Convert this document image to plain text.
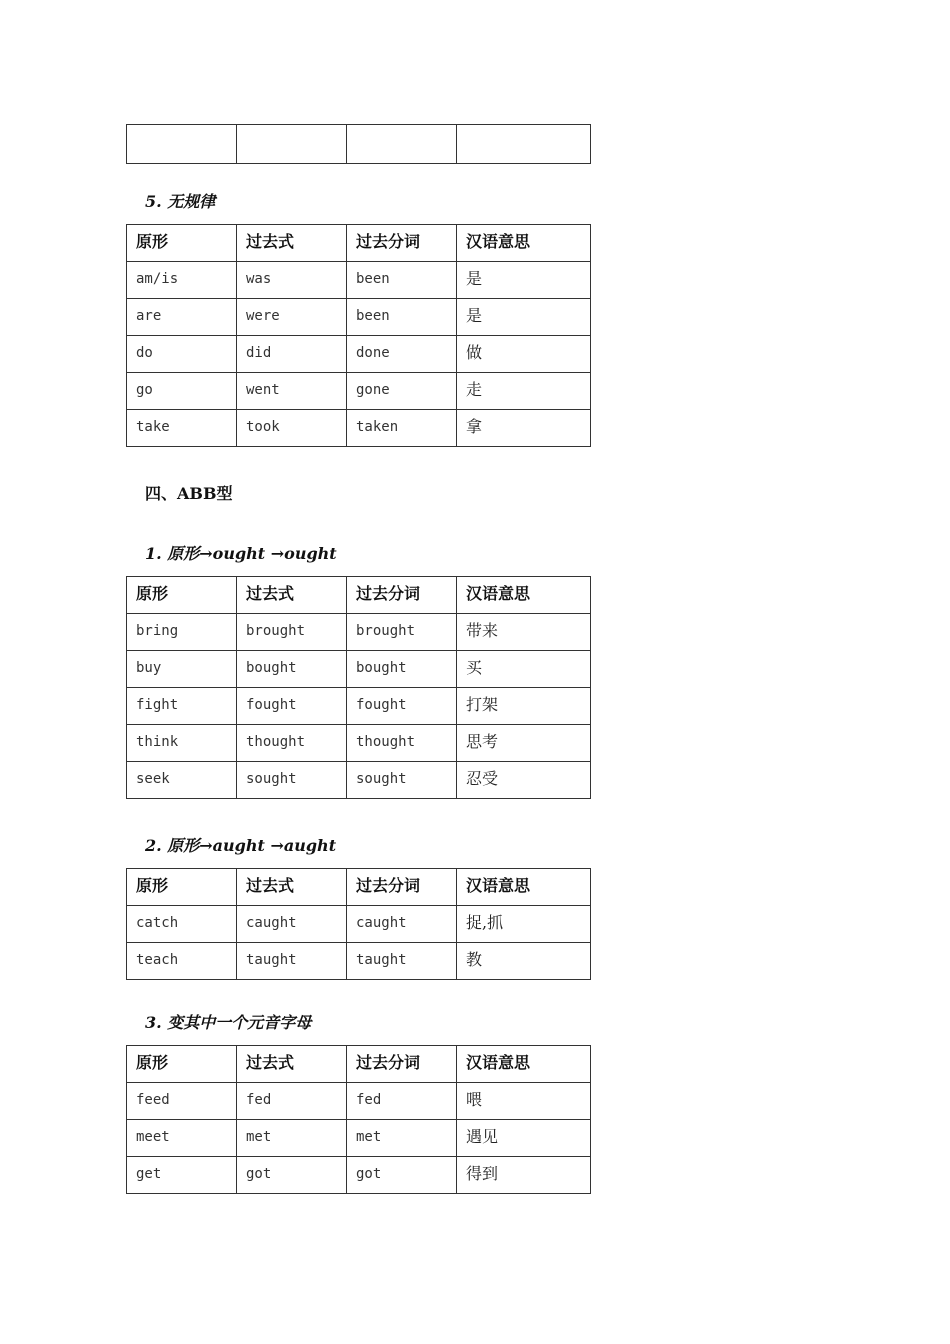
5. 无规律
原形	过去式	过去分词	汉语意思

am/is	was	been	是

are	were	been	是

do	did	done	做

go	went	gone	走

take	took	taken	拿
四、ABB型
1. 原形→ought →ought
原形	过去式	过去分词	汉语意思

bring	brought	brought	带来

buy	bought	bought	买

fight	fought	fought	打架

think	thought	thought	思考

seek	sought	sought	忍受
2. 原形→aught →aught
原形	过去式	过去分词	汉语意思

catch	caught	caught	捉,抓

teach	taught	taught	教
3. 变其中一个元音字母
原形	过去式	过去分词	汉语意思

feed	fed	fed	喂

meet	met	met	遇见

get	got	got	得到
